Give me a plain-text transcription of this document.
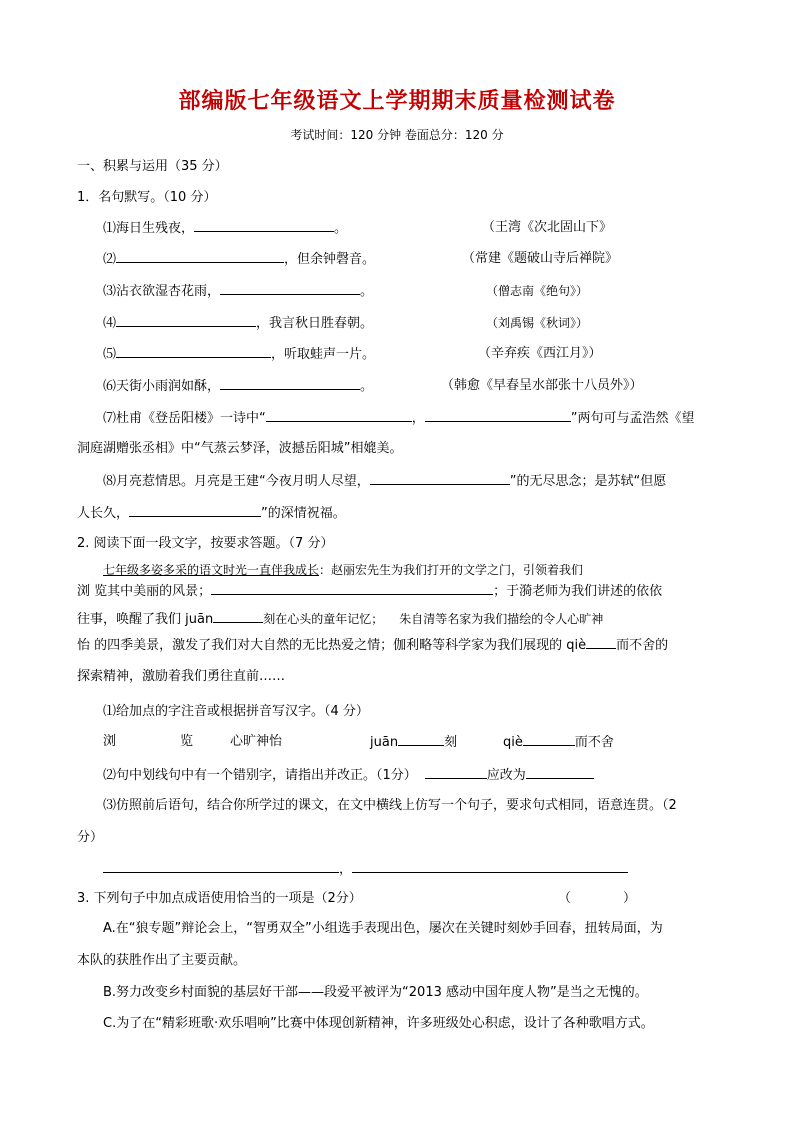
部编版七年级语文上学期期末质量检测试卷
考试时间：120 分钟 卷面总分：120 分
一、积累与运用（35 分）
1．名句默写。（10 分）
⑴海日生残夜，	。	（王湾《次北固山下》
⑵	，但余钟磬音。	（常建《题破山寺后禅院》
⑶沾衣欲湿杏花雨，	。	（僧志南《绝句》）
⑷	，我言秋日胜春朝。	（刘禹锡《秋词》）
⑸	，听取蛙声一片。	（辛弃疾《西江月》）
⑹天街小雨润如酥，	。	（韩愈《早春呈水部张十八员外》）
⑺杜甫《登岳阳楼》一诗中“	，	”两句可与孟浩然《望
洞庭湖赠张丞相》中“气蒸云梦泽，波撼岳阳城”相媲美。
⑻月亮惹情思。月亮是王建“今夜月明人尽望，	”的无尽思念；是苏轼“但愿
人长久，	”的深情祝福。
2. 阅读下面一段文字，按要求答题。（7 分）
七年级多姿多采的语文时光一直伴我成长：赵丽宏先生为我们打开的文学之门，引领着我们
浏 览其中美丽的风景；	；于漪老师为我们讲述的依依
往事，唤醒了我们 juān	刻在心头的童年记忆； 朱自清等名家为我们描绘的令人心旷神
怡 的四季美景，激发了我们对大自然的无比热爱之情；伽利略等科学家为我们展现的 qiè 而不舍的
探索精神，激励着我们勇往直前……
⑴给加点的字注音或根据拼音写汉字。（4 分）
浏	览	心旷神怡	juān	刻	qiè	而不舍
⑵句中划线句中有一个错别字，请指出并改正。（1分）	应改为
⑶仿照前后语句，结合你所学过的课文，在文中横线上仿写一个句子，要求句式相同，语意连贯。（2
分）
，
3. 下列句子中加点成语使用恰当的一项是（2分）	（	）
A.在“狼专题”辩论会上，“智勇双全”小组选手表现出色，屡次在关键时刻妙手回春，扭转局面，为
本队的获胜作出了主要贡献。
B.努力改变乡村面貌的基层好干部——段爱平被评为“2013 感动中国年度人物”是当之无愧的。
C.为了在“精彩班歌·欢乐唱响”比赛中体现创新精神，许多班级处心积虑，设计了各种歌唱方式。
